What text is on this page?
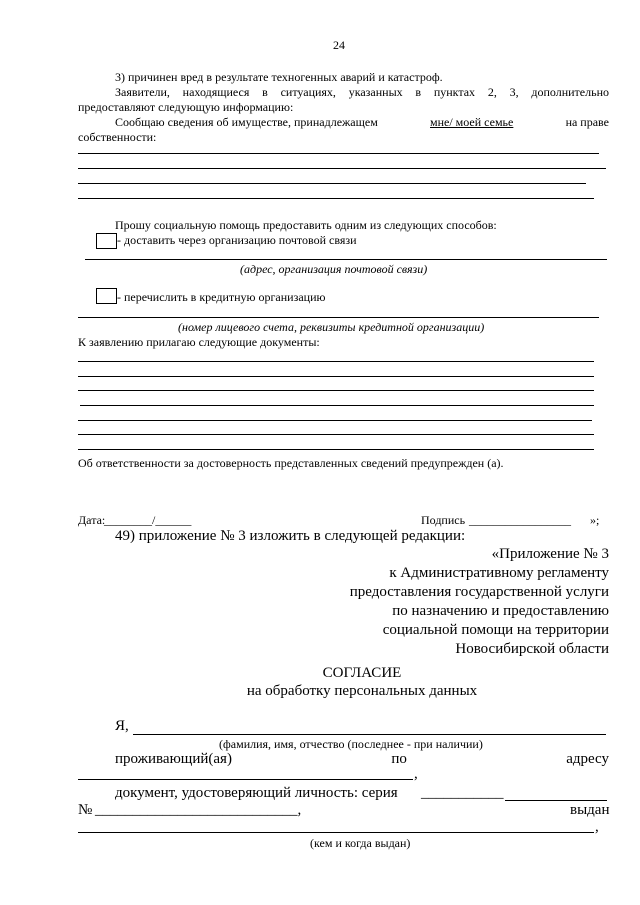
24
3) причинен вред в результате техногенных аварий и катастроф.
Заявители, находящиеся в ситуациях, указанных в пунктах 2, 3, дополнительно
предоставляют следующую информацию:
Сообщаю сведения об имуществе, принадлежащем	мне/ моей семье	на праве
собственности:
Прошу социальную помощь предоставить одним из следующих способов:
- доставить через организацию почтовой связи
(адрес, организация почтовой связи)
- перечислить в кредитную организацию
(номер лицевого счета, реквизиты кредитной организации)
К заявлению прилагаю следующие документы:
Об ответственности за достоверность представленных сведений предупрежден (а).
Дата:
________/______	Подпись _________________ »;
49) приложение № 3 изложить в следующей редакции:
«Приложение № 3
к Административному регламенту
предоставления государственной услуги
по назначению и предоставлению
социальной помощи на территории
Новосибирской области
СОГЛАСИЕ
на обработку персональных данных
Я,
(фамилия, имя, отчество (последнее - при наличии)
проживающий(ая)	по	адресу
,
документ, удостоверяющий личность: серия ___________
№ ___________________________,	выдан
,
(кем и когда выдан)
